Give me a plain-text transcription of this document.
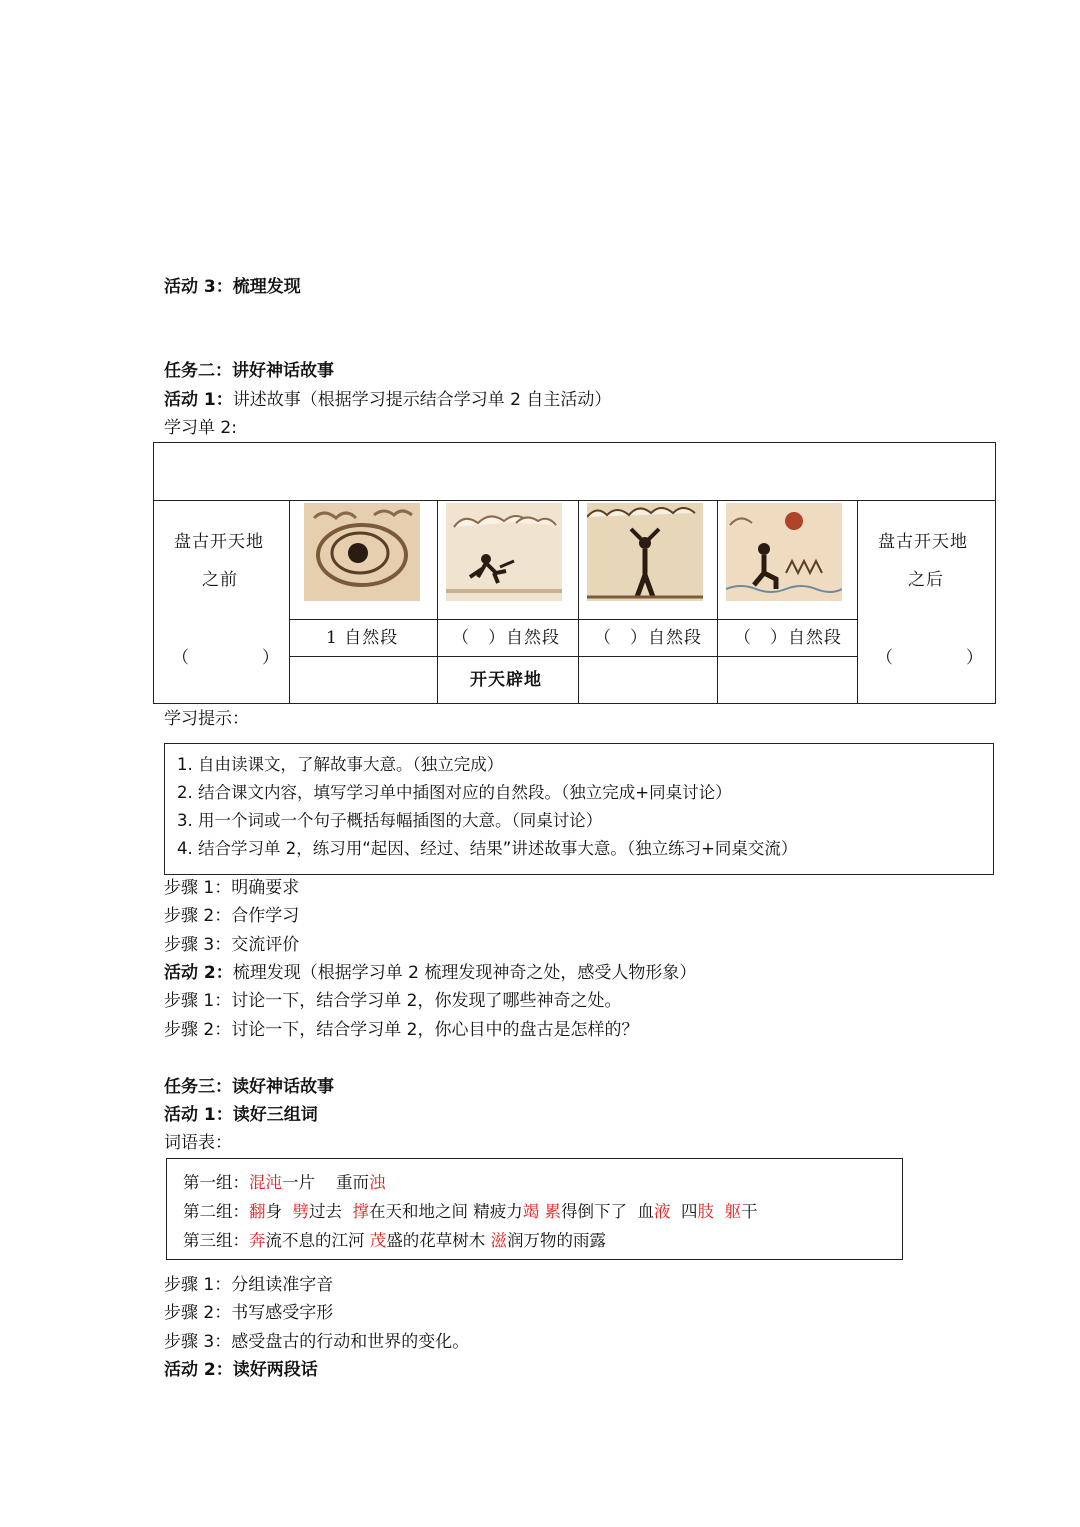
活动 3：梳理发现
任务二：讲好神话故事
活动 1：讲述故事（根据学习提示结合学习单 2 自主活动）
学习单 2:
盘古开天地
之前
（　　　　）
盘古开天地
之后
（　　　　）
1 自然段	（　）自然段 （　）自然段 （　）自然段
开天辟地
学习提示：
1. 自由读课文，了解故事大意。（独立完成）
2. 结合课文内容，填写学习单中插图对应的自然段。（独立完成+同桌讨论）
3. 用一个词或一个句子概括每幅插图的大意。（同桌讨论）
4. 结合学习单 2，练习用“起因、经过、结果”讲述故事大意。（独立练习+同桌交流）
步骤 1：明确要求
步骤 2：合作学习
步骤 3：交流评价
活动 2：梳理发现（根据学习单 2 梳理发现神奇之处，感受人物形象）
步骤 1：讨论一下，结合学习单 2，你发现了哪些神奇之处。
步骤 2：讨论一下，结合学习单 2，你心目中的盘古是怎样的？
任务三：读好神话故事
活动 1：读好三组词
词语表：
第一组：混沌一片 重而浊
第二组：翻身 劈过去 撑在天和地之间 精疲力竭 累得倒下了 血液 四肢 躯干
第三组：奔流不息的江河 茂盛的花草树木 滋润万物的雨露
步骤 1：分组读准字音
步骤 2：书写感受字形
步骤 3：感受盘古的行动和世界的变化。
活动 2：读好两段话
